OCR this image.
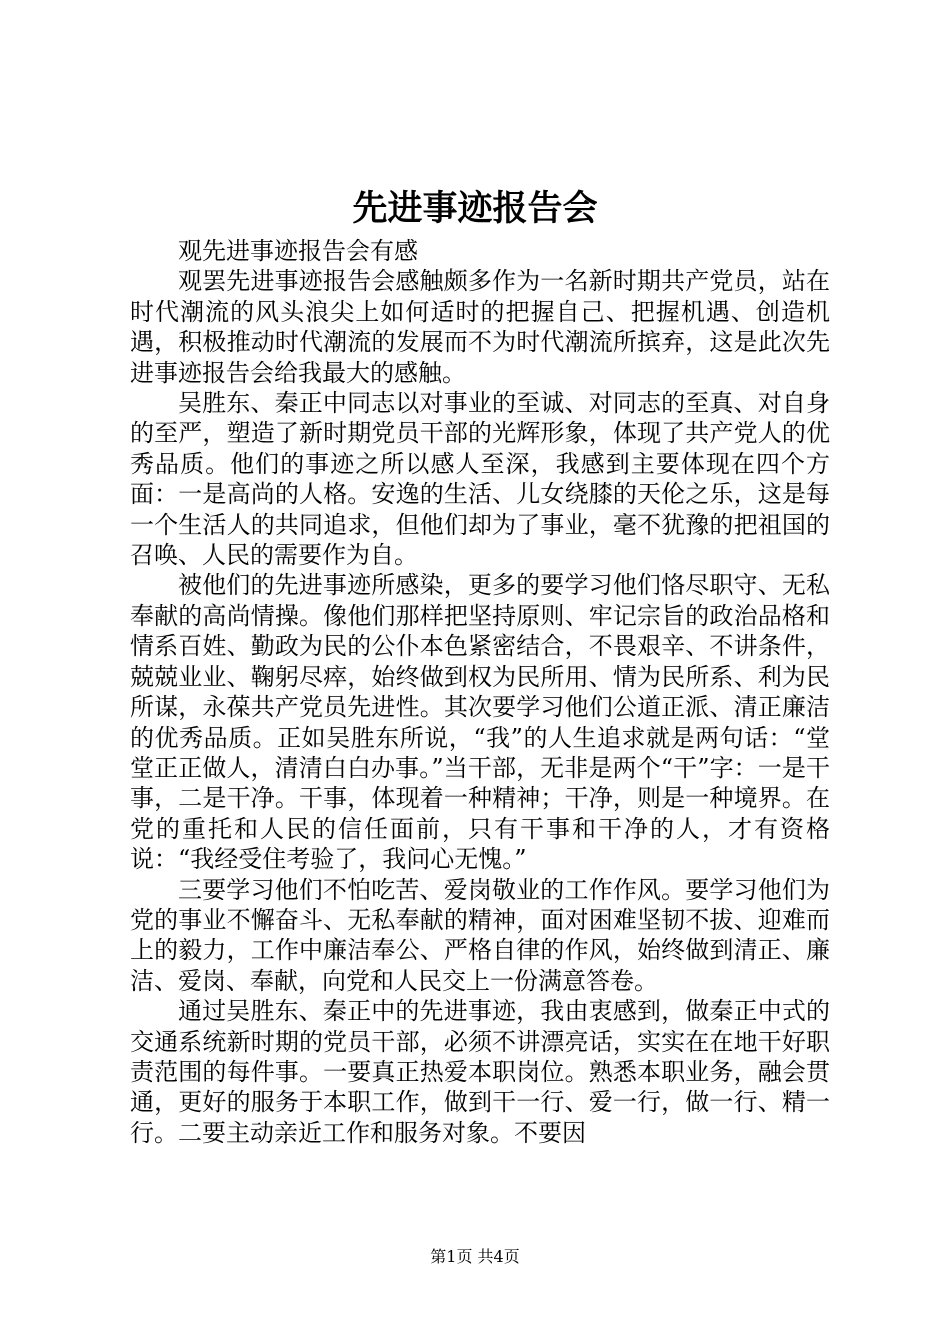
先进事迹报告会

观先进事迹报告会有感

观罢先进事迹报告会感触颇多作为一名新时期共产党员，站在时代潮流的风头浪尖上如何适时的把握自己、把握机遇、创造机遇，积极推动时代潮流的发展而不为时代潮流所摈弃，这是此次先进事迹报告会给我最大的感触。

吴胜东、秦正中同志以对事业的至诚、对同志的至真、对自身的至严，塑造了新时期党员干部的光辉形象，体现了共产党人的优秀品质。他们的事迹之所以感人至深，我感到主要体现在四个方面：一是高尚的人格。安逸的生活、儿女绕膝的天伦之乐，这是每一个生活人的共同追求，但他们却为了事业，毫不犹豫的把祖国的召唤、人民的需要作为自。

被他们的先进事迹所感染，更多的要学习他们恪尽职守、无私奉献的高尚情操。像他们那样把坚持原则、牢记宗旨的政治品格和情系百姓、勤政为民的公仆本色紧密结合，不畏艰辛、不讲条件，兢兢业业、鞠躬尽瘁，始终做到权为民所用、情为民所系、利为民所谋，永葆共产党员先进性。其次要学习他们公道正派、清正廉洁的优秀品质。正如吴胜东所说，“我”的人生追求就是两句话：“堂堂正正做人，清清白白办事。”当干部，无非是两个“干”字：一是干事，二是干净。干事，体现着一种精神；干净，则是一种境界。在党的重托和人民的信任面前，只有干事和干净的人，才有资格说：“我经受住考验了，我问心无愧。”

三要学习他们不怕吃苦、爱岗敬业的工作作风。要学习他们为党的事业不懈奋斗、无私奉献的精神，面对困难坚韧不拔、迎难而上的毅力，工作中廉洁奉公、严格自律的作风，始终做到清正、廉洁、爱岗、奉献，向党和人民交上一份满意答卷。

通过吴胜东、秦正中的先进事迹，我由衷感到，做秦正中式的交通系统新时期的党员干部，必须不讲漂亮话，实实在在地干好职责范围的每件事。一要真正热爱本职岗位。熟悉本职业务，融会贯通，更好的服务于本职工作，做到干一行、爱一行，做一行、精一行。二要主动亲近工作和服务对象。不要因

第1页 共4页
